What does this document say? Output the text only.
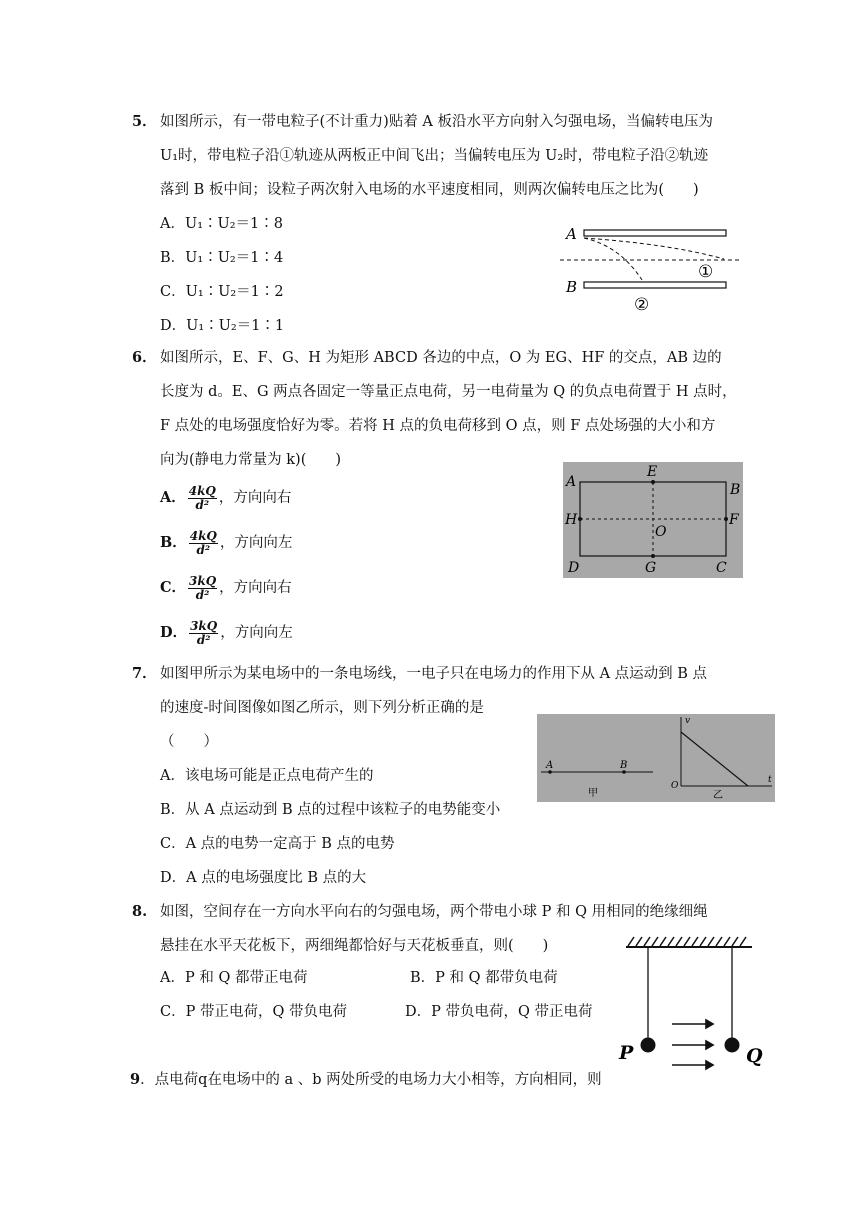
5． 如图所示，有一带电粒子(不计重力)贴着 A 板沿水平方向射入匀强电场，当偏转电压为
U₁时，带电粒子沿①轨迹从两板正中间飞出；当偏转电压为 U₂时，带电粒子沿②轨迹
落到 B 板中间；设粒子两次射入电场的水平速度相同，则两次偏转电压之比为(　　)
A．U₁∶U₂＝1∶8
B．U₁∶U₂＝1∶4
C．U₁∶U₂＝1∶2
D．U₁∶U₂＝1∶1
A
B
①
②
6． 如图所示，E、F、G、H 为矩形 ABCD 各边的中点，O 为 EG、HF 的交点，AB 边的
长度为 d。E、G 两点各固定一等量正点电荷，另一电荷量为 Q 的负点电荷置于 H 点时，
F 点处的电场强度恰好为零。若将 H 点的负电荷移到 O 点，则 F 点处场强的大小和方
向为(静电力常量为 k)(　　)
A． $\frac{4kQ}{\text{d²}}$ ，方向向右
B． $\frac{4kQ}{\text{d²}}$ ，方向向左
C． $\frac{3kQ}{\text{d²}}$ ，方向向右
D． $\frac{3kQ}{\text{d²}}$ ，方向向左
A	B
C
D
E
F
G
H
O
7． 如图甲所示为某电场中的一条电场线，一电子只在电场力的作用下从 A 点运动到 B 点
的速度-时间图像如图乙所示，则下列分析正确的是
（　　）
A．该电场可能是正点电荷产生的
B．从 A 点运动到 B 点的过程中该粒子的电势能变小
C．A 点的电势一定高于 B 点的电势
D．A 点的电场强度比 B 点的大
A	B
甲
v
t
O
乙
8. 如图，空间存在一方向水平向右的匀强电场，两个带电小球 P 和 Q 用相同的绝缘细绳
悬挂在水平天花板下，两细绳都恰好与天花板垂直，则(　　)
A．P 和 Q 都带正电荷	B．P 和 Q 都带负电荷
C．P 带正电荷，Q 带负电荷	D．P 带负电荷，Q 带正电荷
P	Q
9．点电荷q在电场中的 a 、b 两处所受的电场力大小相等，方向相同，则
